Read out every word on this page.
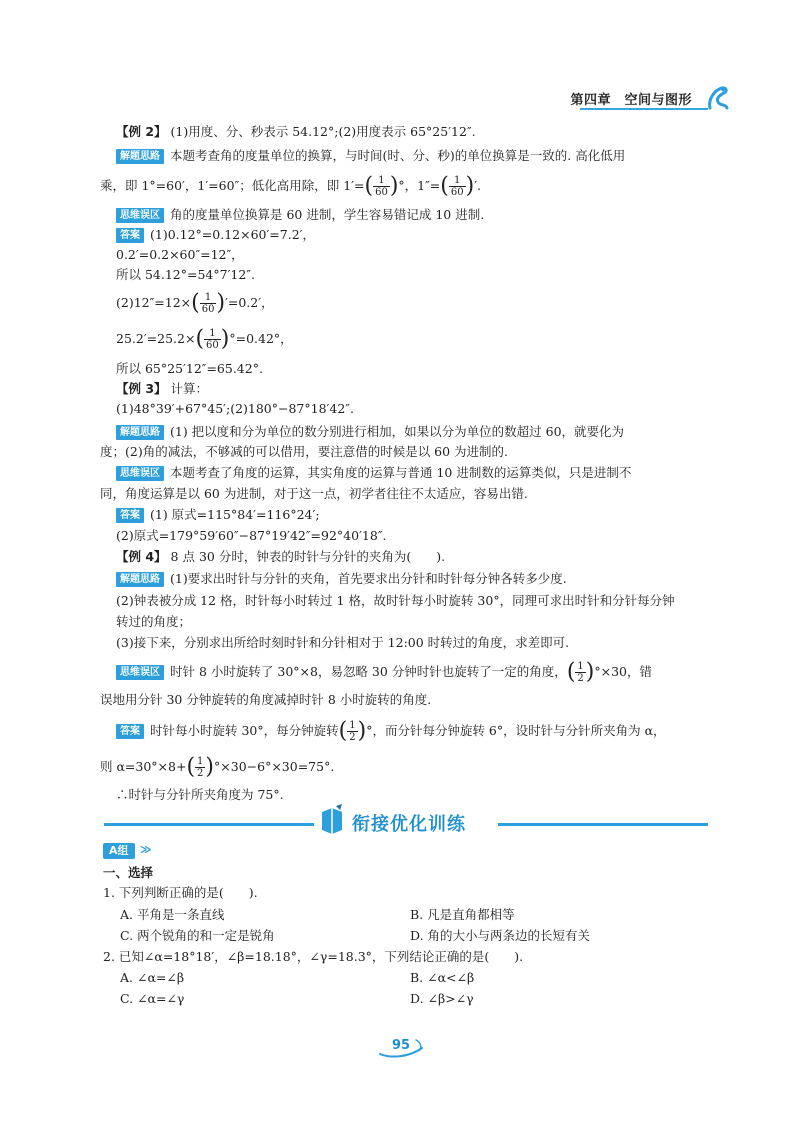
第四章　空间与图形
【例 2】 (1)用度、分、秒表示 54.12°;(2)用度表示 65°25′12″.
解题思路 本题考查角的度量单位的换算，与时间(时、分、秒)的单位换算是一致的. 高化低用
乘，即 1°=60′，1′=60″；低化高用除，即 $1'=( \frac{1}{60}$ )°，$1''=( \frac{1}{60}$ )′.
思维误区 角的度量单位换算是 60 进制，学生容易错记成 10 进制.
答案 (1)0.12°=0.12×60′=7.2′，
0.2′=0.2×60″=12″，
所以 54.12°=54°7′12″.
$(2)12''=12\times( \frac{1}{60} )'=0.2'$，
$25.2'=25.2\times( \frac{1}{60} )^\circ=0.42^\circ$，
所以 65°25′12″=65.42°.
【例 3】 计算：
(1)48°39′+67°45′;(2)180°−87°18′42″.
解题思路 (1) 把以度和分为单位的数分别进行相加，如果以分为单位的数超过 60，就要化为
度；(2)角的减法，不够减的可以借用，要注意借的时候是以 60 为进制的.
思维误区 本题考查了角度的运算，其实角度的运算与普通 10 进制数的运算类似，只是进制不
同，角度运算是以 60 为进制，对于这一点，初学者往往不太适应，容易出错.
答案 (1) 原式=115°84′=116°24′;
(2)原式=179°59′60″−87°19′42″=92°40′18″.
【例 4】 8 点 30 分时，钟表的时针与分针的夹角为(　　).
解题思路 (1)要求出时针与分针的夹角，首先要求出分针和时针每分钟各转多少度.
(2)钟表被分成 12 格，时针每小时转过 1 格，故时针每小时旋转 30°，同理可求出时针和分针每分钟
转过的角度；
(3)接下来，分别求出所给时刻时针和分针相对于 12:00 时转过的角度，求差即可.
思维误区 时针 8 小时旋转了 30°×8，易忽略 30 分钟时针也旋转了一定的角度，( $\frac{1}{2} )^\circ\times 30$，错
误地用分针 30 分钟旋转的角度减掉时针 8 小时旋转的角度.
答案 时针每小时旋转 30°，每分钟旋转( $\frac{1}{2}$ )°，而分针每分钟旋转 6°，设时针与分针所夹角为 α，
则 $\alpha=30^\circ\times 8+( \frac{1}{2} )^\circ\times 30-6^\circ\times 30=75^\circ$.
∴时针与分针所夹角度为 75°.
衔接优化训练
A组	≫
一、选择
1. 下列判断正确的是(　　).
A. 平角是一条直线	B. 凡是直角都相等
C. 两个锐角的和一定是锐角	D. 角的大小与两条边的长短有关
2. 已知∠α=18°18′，∠β=18.18°，∠γ=18.3°，下列结论正确的是(　　).
A. ∠α=∠β	B. ∠α<∠β
C. ∠α=∠γ	D. ∠β>∠γ
95
